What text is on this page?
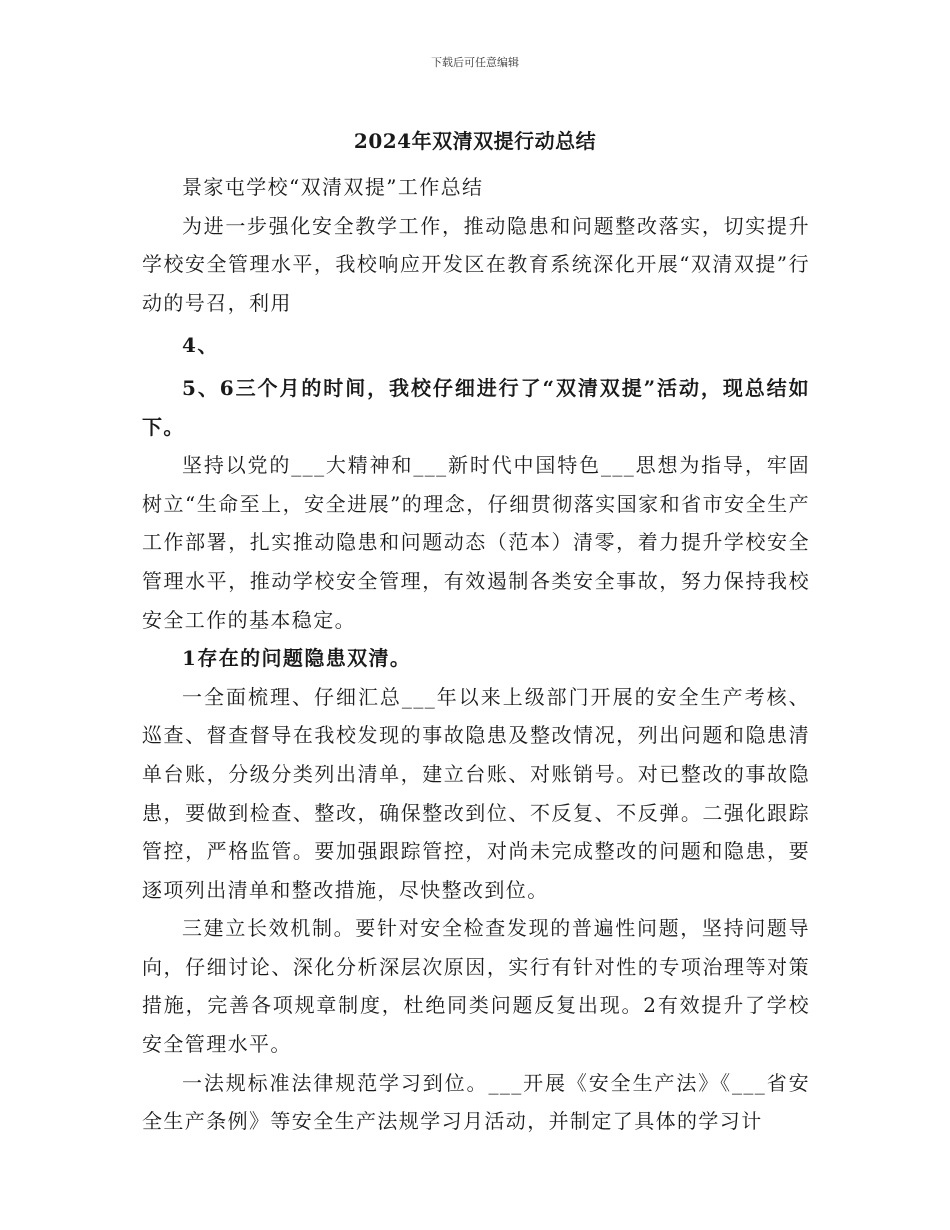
下载后可任意编辑
2024年双清双提行动总结

景家屯学校“双清双提”工作总结

为进一步强化安全教学工作，推动隐患和问题整改落实，切实提升学校安全管理水平，我校响应开发区在教育系统深化开展“双清双提”行动的号召，利用

4、

5、6三个月的时间，我校仔细进行了“双清双提”活动，现总结如下。

坚持以党的___大精神和___新时代中国特色___思想为指导，牢固树立“生命至上，安全进展”的理念，仔细贯彻落实国家和省市安全生产工作部署，扎实推动隐患和问题动态（范本）清零，着力提升学校安全管理水平，推动学校安全管理，有效遏制各类安全事故，努力保持我校安全工作的基本稳定。

1存在的问题隐患双清。

一全面梳理、仔细汇总___年以来上级部门开展的安全生产考核、巡查、督查督导在我校发现的事故隐患及整改情况，列出问题和隐患清单台账，分级分类列出清单，建立台账、对账销号。对已整改的事故隐患，要做到检查、整改，确保整改到位、不反复、不反弹。二强化跟踪管控，严格监管。要加强跟踪管控，对尚未完成整改的问题和隐患，要逐项列出清单和整改措施，尽快整改到位。

三建立长效机制。要针对安全检查发现的普遍性问题，坚持问题导向，仔细讨论、深化分析深层次原因，实行有针对性的专项治理等对策措施，完善各项规章制度，杜绝同类问题反复出现。2有效提升了学校安全管理水平。

一法规标准法律规范学习到位。___开展《安全生产法》《___省安全生产条例》等安全生产法规学习月活动，并制定了具体的学习计
